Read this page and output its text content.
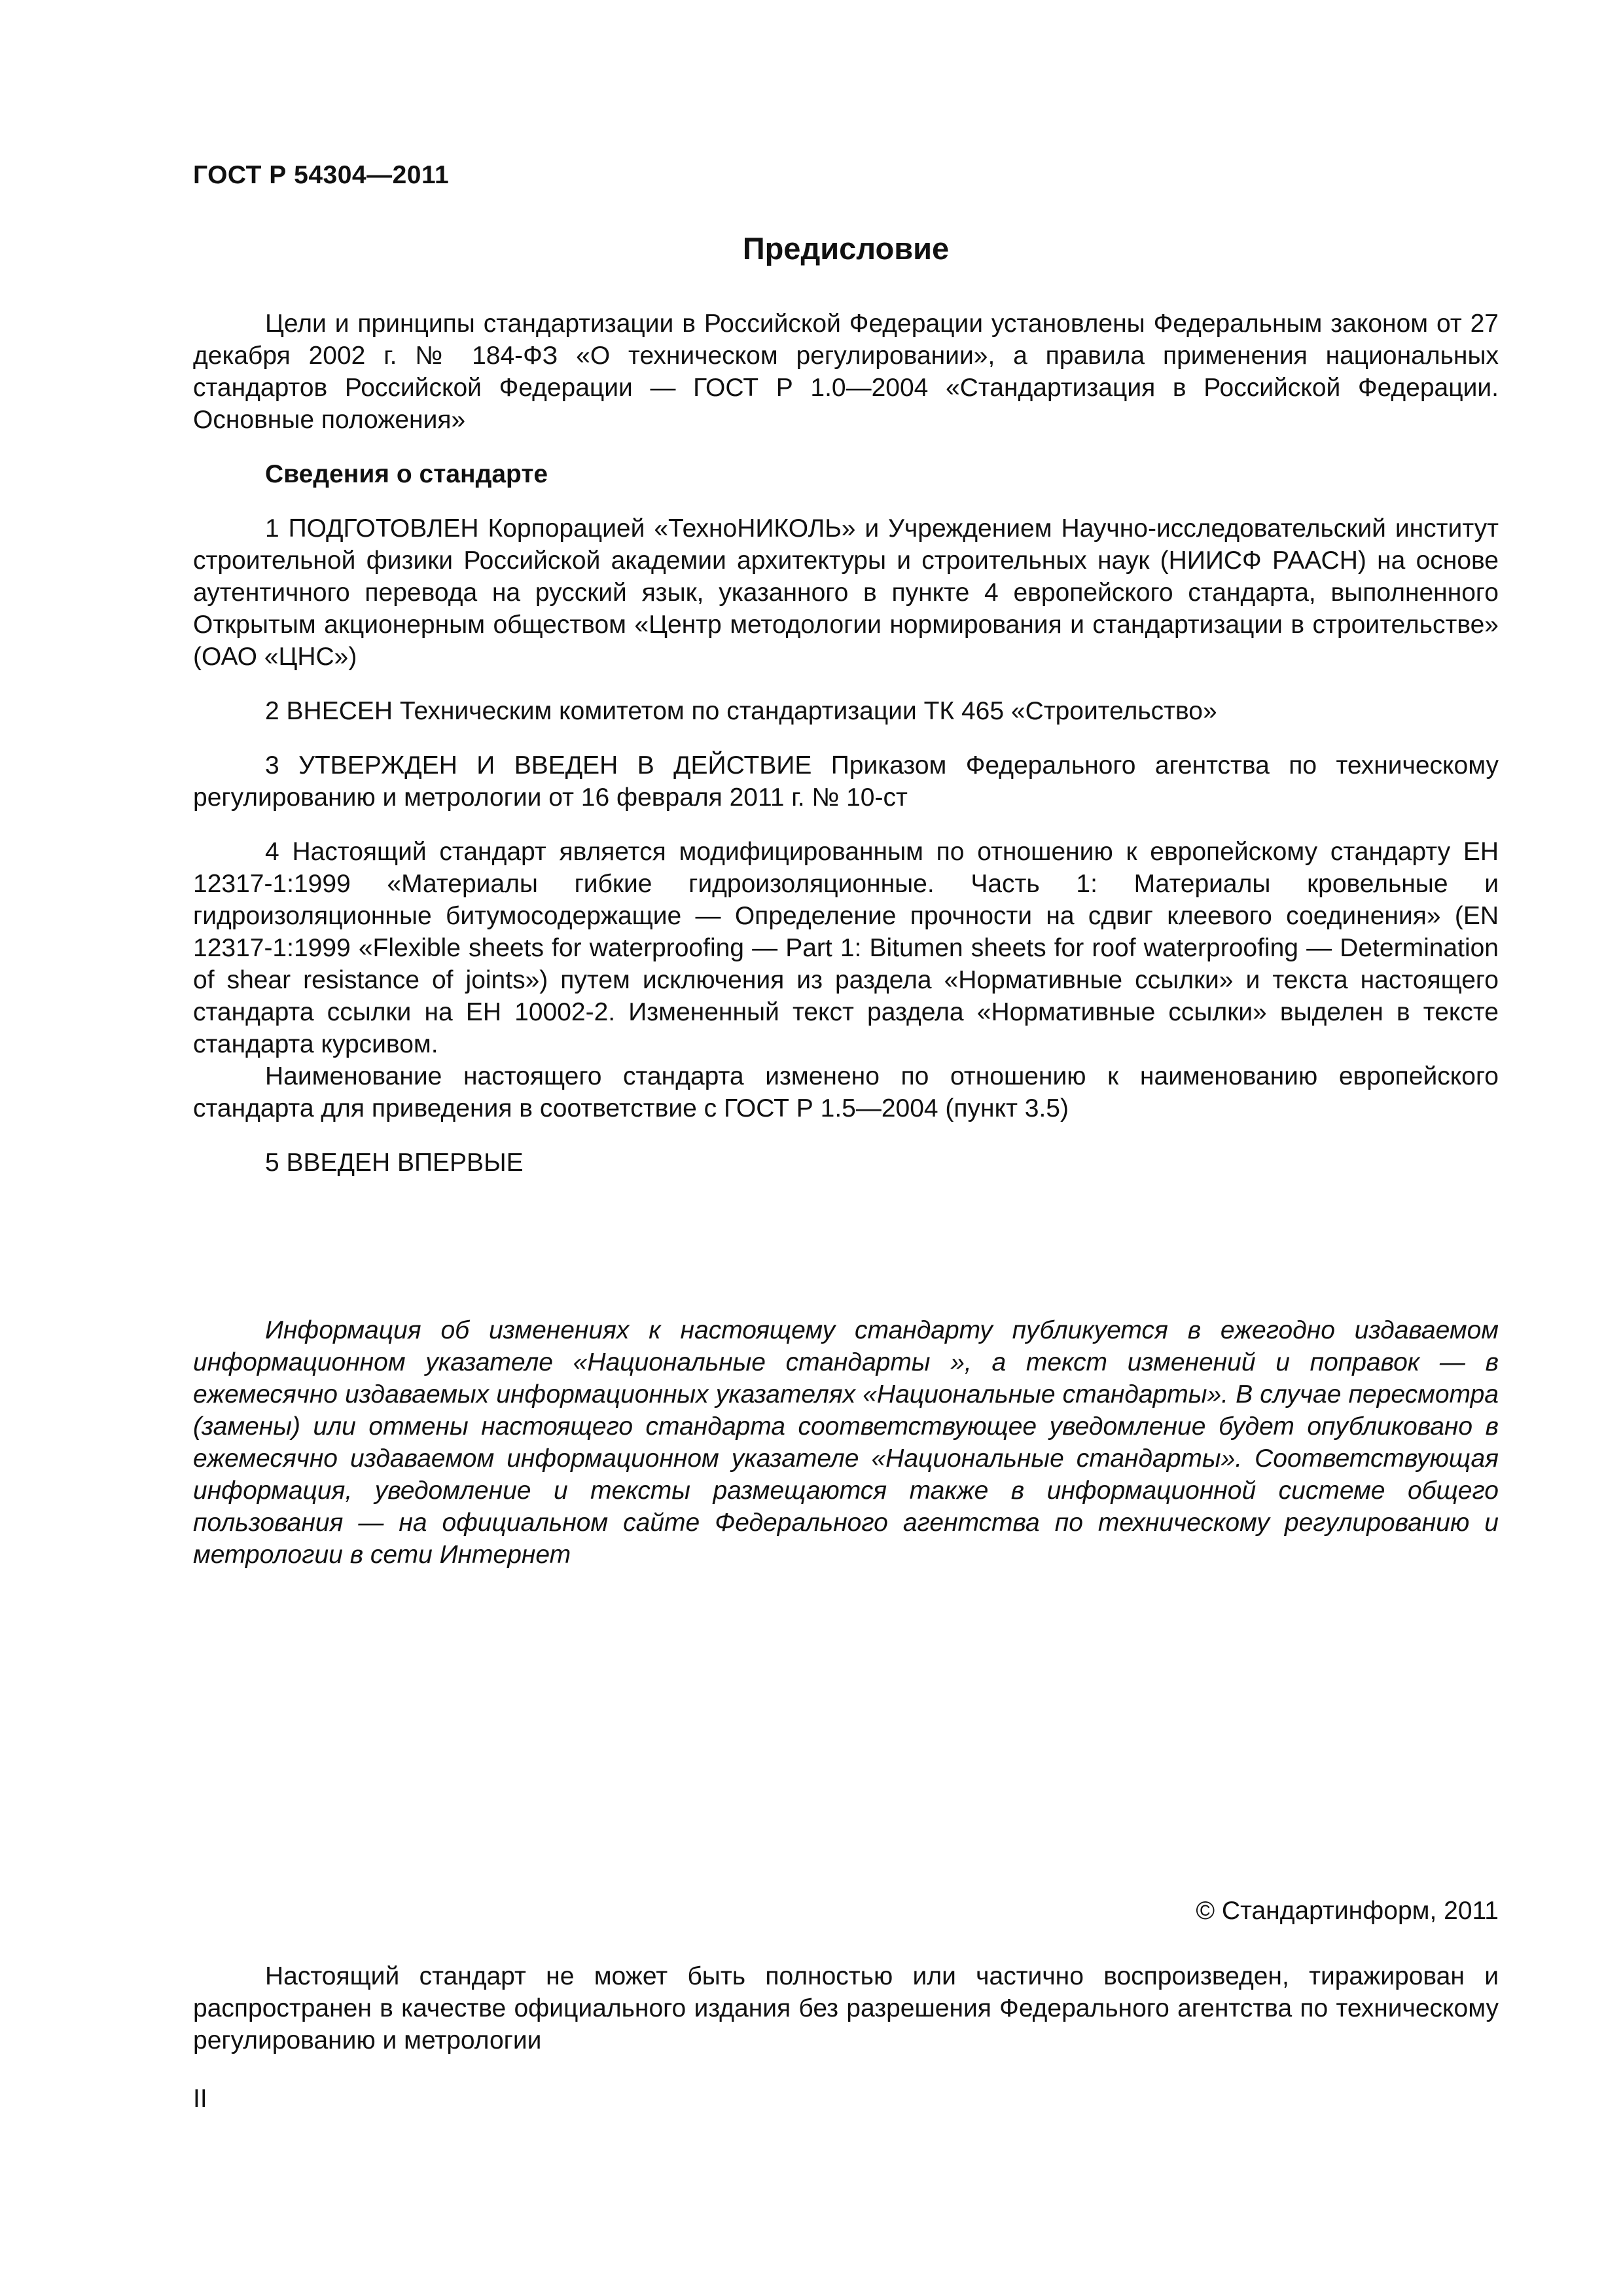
ГОСТ Р 54304—2011
Предисловие

Цели и принципы стандартизации в Российской Федерации установлены Федеральным законом от 27 декабря 2002 г. № 184-ФЗ «О техническом регулировании», а правила применения национальных стандартов Российской Федерации — ГОСТ Р 1.0—2004 «Стандартизация в Российской Федерации. Основные положения»

Сведения о стандарте

1 ПОДГОТОВЛЕН Корпорацией «ТехноНИКОЛЬ» и Учреждением Научно-исследовательский институт строительной физики Российской академии архитектуры и строительных наук (НИИСФ РААСН) на основе аутентичного перевода на русский язык, указанного в пункте 4 европейского стандарта, выполненного Открытым акционерным обществом «Центр методологии нормирования и стандартизации в строительстве» (ОАО «ЦНС»)

2 ВНЕСЕН Техническим комитетом по стандартизации ТК 465 «Строительство»

3 УТВЕРЖДЕН И ВВЕДЕН В ДЕЙСТВИЕ Приказом Федерального агентства по техническому регулированию и метрологии от 16 февраля 2011 г. № 10-ст

4 Настоящий стандарт является модифицированным по отношению к европейскому стандарту ЕН 12317-1:1999 «Материалы гибкие гидроизоляционные. Часть 1: Материалы кровельные и гидроизоляционные битумосодержащие — Определение прочности на сдвиг клеевого соединения» (EN 12317-1:1999 «Flexible sheets for waterproofing — Part 1: Bitumen sheets for roof waterproofing — Determination of shear resistance of joints») путем исключения из раздела «Нормативные ссылки» и текста настоящего стандарта ссылки на ЕН 10002-2. Измененный текст раздела «Нормативные ссылки» выделен в тексте стандарта курсивом.

Наименование настоящего стандарта изменено по отношению к наименованию европейского стандарта для приведения в соответствие с ГОСТ Р 1.5—2004 (пункт 3.5)

5 ВВЕДЕН ВПЕРВЫЕ

Информация об изменениях к настоящему стандарту публикуется в ежегодно издаваемом информационном указателе «Национальные стандарты », а текст изменений и поправок — в ежемесячно издаваемых информационных указателях «Национальные стандарты». В случае пересмотра (замены) или отмены настоящего стандарта соответствующее уведомление будет опубликовано в ежемесячно издаваемом информационном указателе «Национальные стандарты». Соответствующая информация, уведомление и тексты размещаются также в информационной системе общего пользования — на официальном сайте Федерального агентства по техническому регулированию и метрологии в сети Интернет

© Стандартинформ, 2011

Настоящий стандарт не может быть полностью или частично воспроизведен, тиражирован и распространен в качестве официального издания без разрешения Федерального агентства по техническому регулированию и метрологии

II
